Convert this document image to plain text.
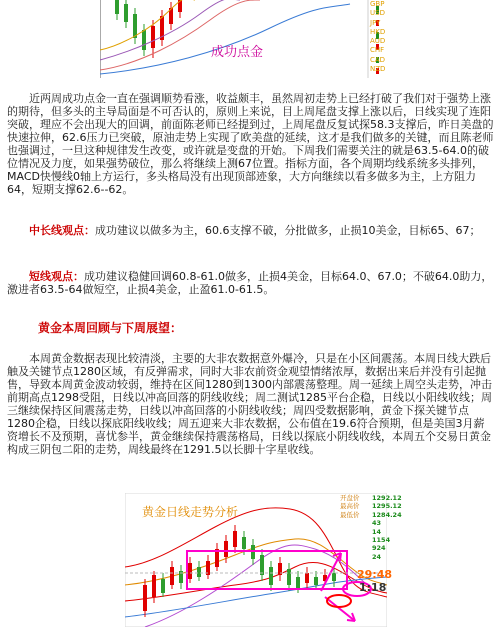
成功点金
GBP
USD
JPY
HKD
AUD
CHF
CAD
NZD
近两周成功点金一直在强调顺势看涨，收益颇丰，虽然周初走势上已经打破了我们对于强势上涨的期待，但多头的主导局面是不可否认的，原则上来说，目上周尾盘支撑上涨以后，日线实现了连阳突破，理应不会出现大的回调，前面陈老师已经提到过，上周尾盘反复试探58.3支撑后，昨日美盘的快速拉伸，62.6压力已突破，原油走势上实现了欧美盘的延续，这才是我们做多的关键，而且陈老师也强调过，一旦这种规律发生改变，或许就是变盘的开始。下周我们需要关注的就是63.5-64.0的破位情况及力度，如果强势破位，那么将继续上测67位置。指标方面，各个周期均线系统多头排列，MACD快慢线0轴上方运行，多头格局没有出现顶部迹象，大方向继续以看多做多为主，上方阻力64，短期支撑62.6--62。
中长线观点：成功建议以做多为主，60.6支撑不破，分批做多，止损10美金，目标65、67；
短线观点：成功建议稳健回调60.8-61.0做多，止损4美金，目标64.0、67.0；不破64.0助力，激进者63.5-64做短空，止损4美金，止盈61.0-61.5。
黄金本周回顾与下周展望：
本周黄金数据表现比较清淡，主要的大非农数据意外爆冷，只是在小区间震荡。本周日线大跌后触及关键节点1280区域，有反弹需求，同时大非农前资金观望情绪浓厚，数据出来后并没有引起抛售，导致本周黄金波动较弱，维持在区间1280到1300内部震荡整理。周一延续上周空头走势，冲击前期高点1298受阻，日线以冲高回落的阴线收线；周二测试1285平台企稳，日线以小阳线收线；周三继续保持区间震荡走势，日线以冲高回落的小阴线收线；周四受数据影响，黄金下探关键节点1280企稳，日线以探底阳线收线；周五迎来大非农数据，公布值在19.6符合预期，但是美国3月薪资增长不及预期，喜忧参半，黄金继续保持震荡格局，日线以探底小阴线收线，本周五个交易日黄金构成三阴包二阳的走势，周线最终在1291.5以长脚十字星收线。
黄金日线走势分析
开盘价 1292.12
最高价 1295.12
最低价 1284.24
43
14
1154
924
24
29:48
1:18
